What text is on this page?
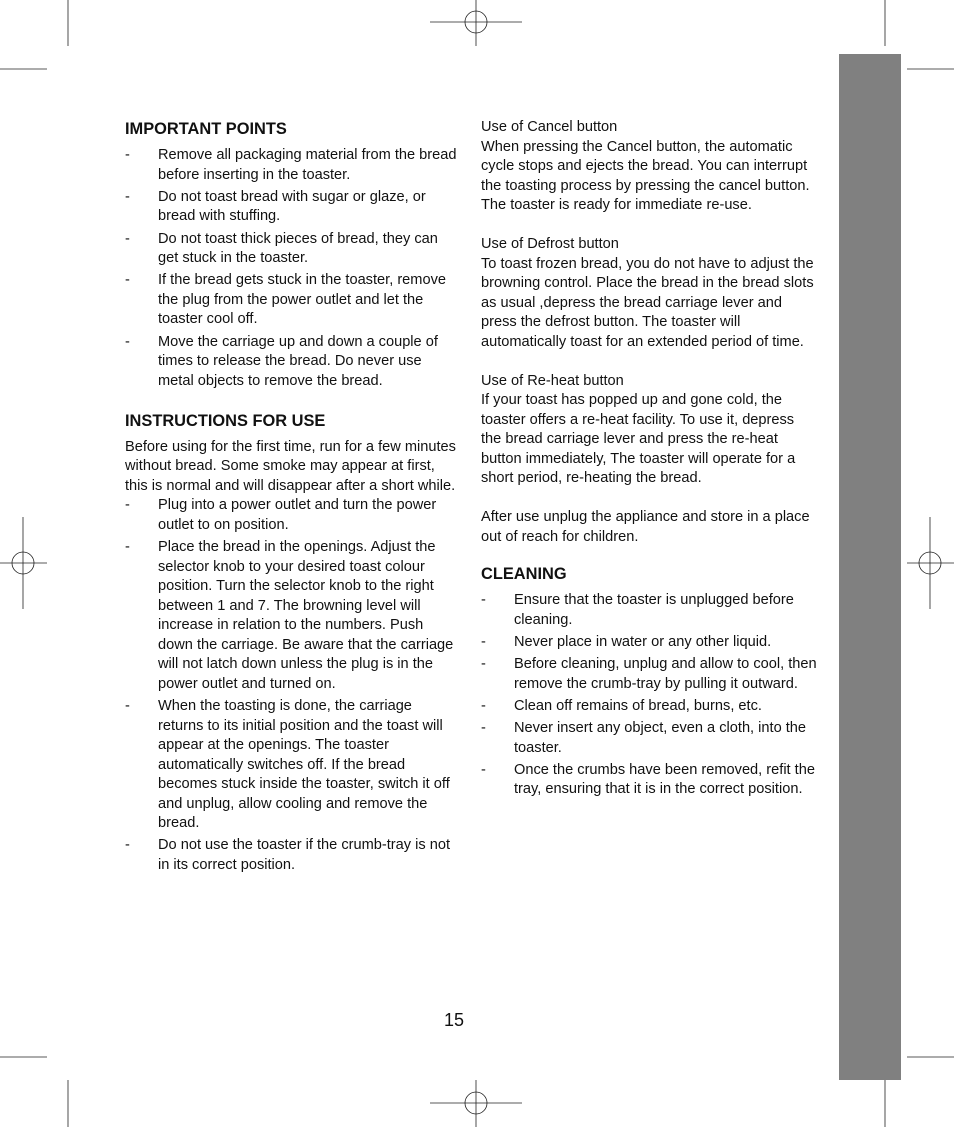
IMPORTANT POINTS
- Remove all packaging material from the bread before inserting in the toaster.
- Do not toast bread with sugar or glaze, or bread with stuffing.
- Do not toast thick pieces of bread, they can get stuck in the toaster.
- If the bread gets stuck in the toaster, remove the plug from the power outlet and let the toaster cool off.
- Move the carriage up and down a couple of times to release the bread. Do never use metal objects to remove the bread.
INSTRUCTIONS FOR USE

Before using for the first time, run for a few minutes without bread. Some smoke may appear at first, this is normal and will disappear after a short while.

- Plug into a power outlet and turn the power outlet to on position.
- Place the bread in the openings. Adjust the selector knob to your desired toast colour position. Turn the selector knob to the right between 1 and 7. The browning level will increase in relation to the numbers. Push down the carriage. Be aware that the carriage will not latch down unless the plug is in the power outlet and turned on.
- When the toasting is done, the carriage returns to its initial position and the toast will appear at the openings. The toaster automatically switches off. If the bread becomes stuck inside the toaster, switch it off and unplug, allow cooling and remove the bread.
- Do not use the toaster if the crumb-tray is not in its correct position.
Use of Cancel button

When pressing the Cancel button, the automatic cycle stops and ejects the bread. You can interrupt the toasting process by pressing the cancel button. The toaster is ready for immediate re-use.

Use of Defrost button

To toast frozen bread, you do not have to adjust the browning control. Place the bread in the bread slots as usual ,depress the bread carriage lever and press the defrost button. The toaster will automatically toast for an extended period of time.

Use of Re-heat button

If your toast has popped up and gone cold, the toaster offers a re-heat facility. To use it, depress the bread carriage lever and press the re-heat button immediately, The toaster will operate for a short period, re-heating the bread.

After use unplug the appliance and store in a place out of reach for children.

CLEANING
- Ensure that the toaster is unplugged before cleaning.
- Never place in water or any other liquid.
- Before cleaning, unplug and allow to cool, then remove the crumb-tray by pulling it outward.
- Clean off remains of bread, burns, etc.
- Never insert any object, even a cloth, into the toaster.
- Once the crumbs have been removed, refit the tray, ensuring that it is in the correct position.
15
